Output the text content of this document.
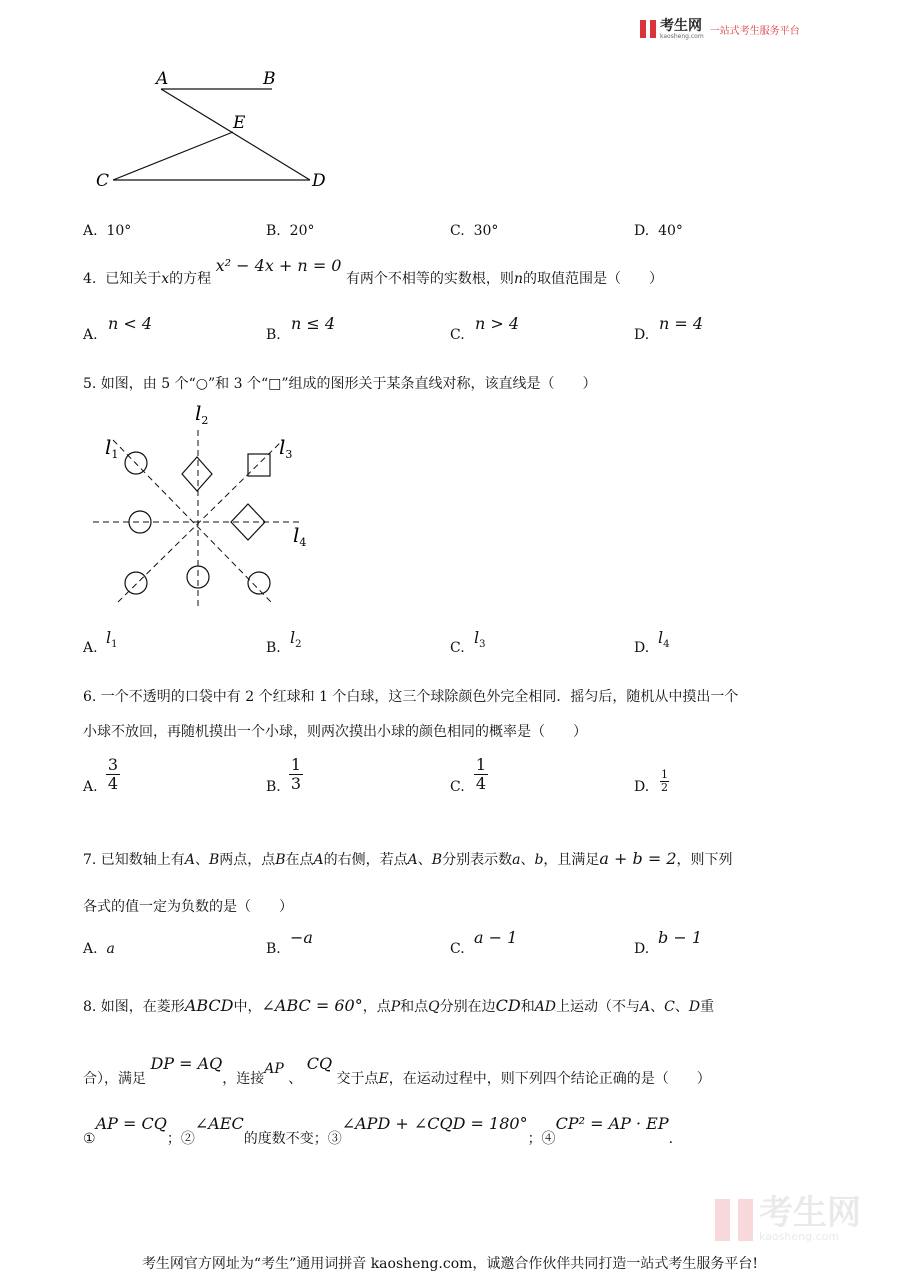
考生网
kaosheng.com 一站式考生服务平台
A	B
E
C	D
A. 10°	B. 20°	C. 30°	D. 40°
4. 已知关于x的方程 x² − 4x + n = 0 有两个不相等的实数根，则n的取值范围是（　　）
A.
n < 4
B.
n ≤ 4
C.
n > 4
D.
n = 4
5. 如图，由 5 个“○”和 3 个“□”组成的图形关于某条直线对称，该直线是（　　）
$l_1$
$l_2$
$l_3$
$l_4$
A.
$l_1$	B.
$l_2$	C.
$l_3$	D.
$l_4$
6. 一个不透明的口袋中有 2 个红球和 1 个白球，这三个球除颜色外完全相同．摇匀后，随机从中摸出一个
小球不放回，再随机摸出一个小球，则两次摸出小球的颜色相同的概率是（　　）
A.
3
4	B.
1
3	C.
1
4	D.
1
2
7. 已知数轴上有A、B两点，点B在点A的右侧，若点A、B分别表示数a、b，且满足a + b = 2，则下列
各式的值一定为负数的是（　　）
A. a	B.
−a
C.
a − 1
D.
b − 1
8. 如图，在菱形ABCD中，∠ABC = 60°，点P和点Q分别在边CD和AD上运动（不与A、C、D重
合），满足 DP = AQ，连接AP 、 CQ 交于点E，在运动过程中，则下列四个结论正确的是（　　）
①AP = CQ；②∠AEC的度数不变；③∠APD + ∠CQD = 180°；④CP² = AP · EP.
考生网
kaosheng.com
考生网官方网址为“考生”通用词拼音 kaosheng.com，诚邀合作伙伴共同打造一站式考生服务平台!
